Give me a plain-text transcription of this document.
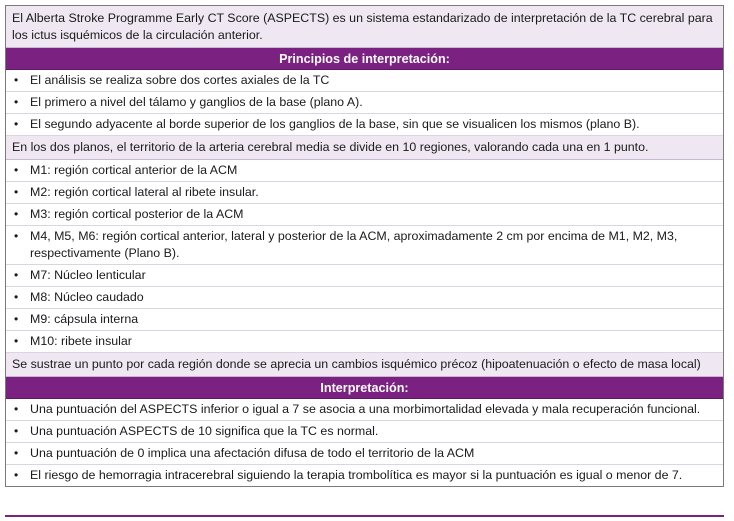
El Alberta Stroke Programme Early CT Score (ASPECTS) es un sistema estandarizado de interpretación de la TC cerebral para los ictus isquémicos de la circulación anterior.
Principios de interpretación:
• El análisis se realiza sobre dos cortes axiales de la TC
• El primero a nivel del tálamo y ganglios de la base (plano A).
• El segundo adyacente al borde superior de los ganglios de la base, sin que se visualicen los mismos (plano B).
En los dos planos, el territorio de la arteria cerebral media se divide en 10 regiones, valorando cada una en 1 punto.
• M1: región cortical anterior de la ACM
• M2: región cortical lateral al ribete insular.
• M3: región cortical posterior de la ACM
• M4, M5, M6: región cortical anterior, lateral y posterior de la ACM, aproximadamente 2 cm por encima de M1, M2, M3, respectivamente (Plano B).
• M7: Núcleo lenticular
• M8: Núcleo caudado
• M9: cápsula interna
• M10: ribete insular
Se sustrae un punto por cada región donde se aprecia un cambios isquémico précoz (hipoatenuación o efecto de masa local)
Interpretación:
• Una puntuación del ASPECTS inferior o igual a 7 se asocia a una morbimortalidad elevada y mala recuperación funcional.
• Una puntuación ASPECTS de 10 significa que la TC es normal.
• Una puntuación de 0 implica una afectación difusa de todo el territorio de la ACM
• El riesgo de hemorragia intracerebral siguiendo la terapia trombolítica es mayor si la puntuación es igual o menor de 7.
